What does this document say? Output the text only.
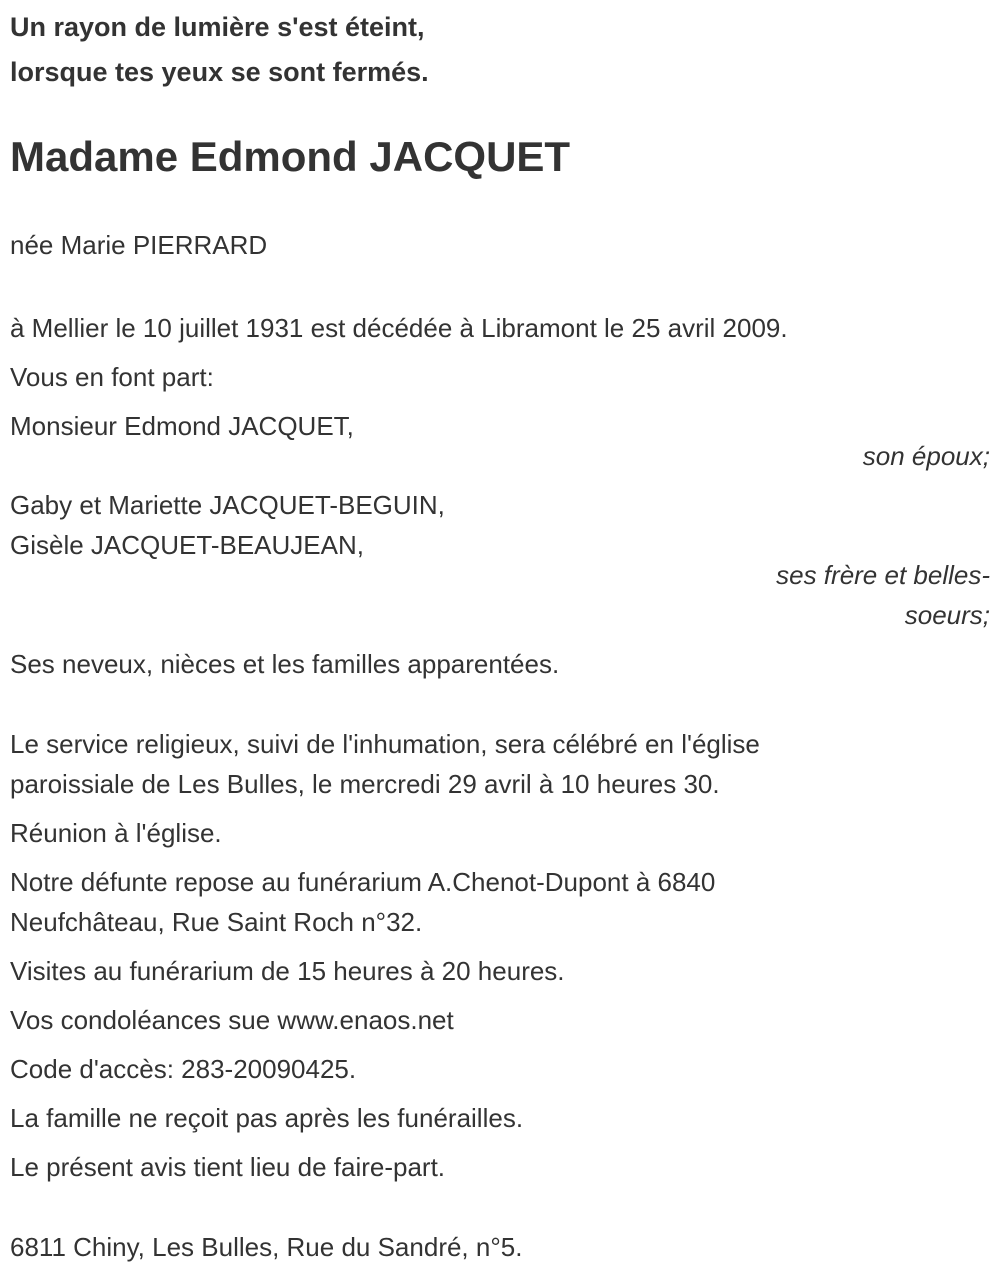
Un rayon de lumière s'est éteint,

lorsque tes yeux se sont fermés.

Madame Edmond JACQUET

née Marie PIERRARD

à Mellier le 10 juillet 1931 est décédée à Libramont le 25 avril 2009.

Vous en font part:

Monsieur Edmond JACQUET,

son époux;

Gaby et Mariette JACQUET-BEGUIN,

Gisèle JACQUET-BEAUJEAN,

ses frère et belles-

soeurs;

Ses neveux, nièces et les familles apparentées.

Le service religieux, suivi de l'inhumation, sera célébré en l'église

paroissiale de Les Bulles, le mercredi 29 avril à 10 heures 30.

Réunion à l'église.

Notre défunte repose au funérarium A.Chenot-Dupont à 6840

Neufchâteau, Rue Saint Roch n°32.

Visites au funérarium de 15 heures à 20 heures.

Vos condoléances sue www.enaos.net

Code d'accès: 283-20090425.

La famille ne reçoit pas après les funérailles.

Le présent avis tient lieu de faire-part.

6811 Chiny, Les Bulles, Rue du Sandré, n°5.
